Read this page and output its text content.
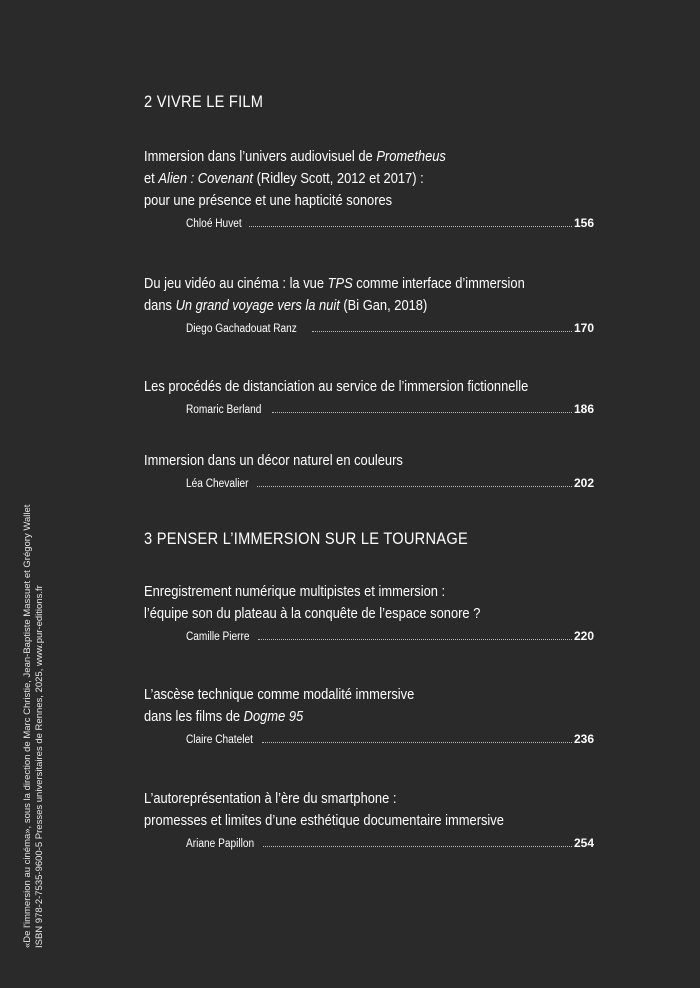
2 VIVRE LE FILM
Immersion dans l’univers audiovisuel de Prometheus
et Alien : Covenant (Ridley Scott, 2012 et 2017) :
pour une présence et une hapticité sonores
Chloé Huvet	156
Du jeu vidéo au cinéma : la vue TPS comme interface d’immersion
dans Un grand voyage vers la nuit (Bi Gan, 2018)
Diego Gachadouat Ranz	170
Les procédés de distanciation au service de l’immersion fictionnelle
Romaric Berland	186
Immersion dans un décor naturel en couleurs
Léa Chevalier	202
3 PENSER L’IMMERSION SUR LE TOURNAGE
Enregistrement numérique multipistes et immersion :
l’équipe son du plateau à la conquête de l’espace sonore ?
Camille Pierre	220
L’ascèse technique comme modalité immersive
dans les films de Dogme 95
Claire Chatelet	236
L’autoreprésentation à l’ère du smartphone :
promesses et limites d’une esthétique documentaire immersive
Ariane Papillon	254
«De l'immersion au cinéma», sous la direction de Marc Christie, Jean-Baptiste Massuet et Grégory Wallet ISBN 978-2-7535-9600-5 Presses universitaires de Rennes, 2025, www.pur-editions.fr
